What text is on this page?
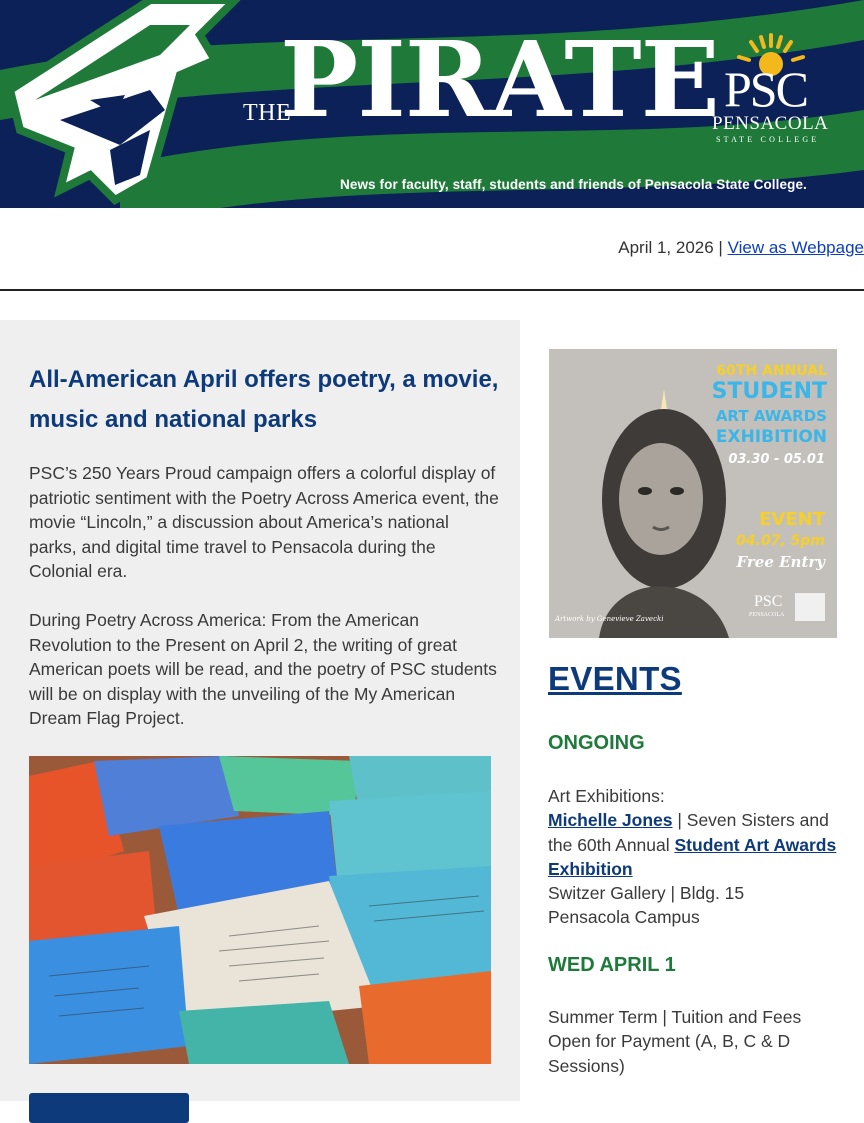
THE
PIRATE
News for faculty, staff, students and friends of Pensacola State College.
PSC
PENSACOLA
STATE COLLEGE
April 1, 2026 | View as Webpage
All-American April offers poetry, a movie, music and national parks

PSC’s 250 Years Proud campaign offers a colorful display of patriotic sentiment with the Poetry Across America event, the movie “Lincoln,” a discussion about America’s national parks, and digital time travel to Pensacola during the Colonial era.

During Poetry Across America: From the American Revolution to the Present on April 2, the writing of great American poets will be read, and the poetry of PSC students will be on display with the unveiling of the My American Dream Flag Project.

60TH ANNUAL
STUDENT
ART AWARDS
EXHIBITION
03.30 - 05.01
EVENT
04.07, 5pm
Free Entry
Artwork by Genevieve Zavecki
PSC
PENSACOLA
EVENTS
ONGOING

Art Exhibitions:
Michelle Jones | Seven Sisters and the 60th Annual Student Art Awards Exhibition
Switzer Gallery | Bldg. 15
Pensacola Campus

WED APRIL 1

Summer Term | Tuition and Fees Open for Payment (A, B, C & D Sessions)
